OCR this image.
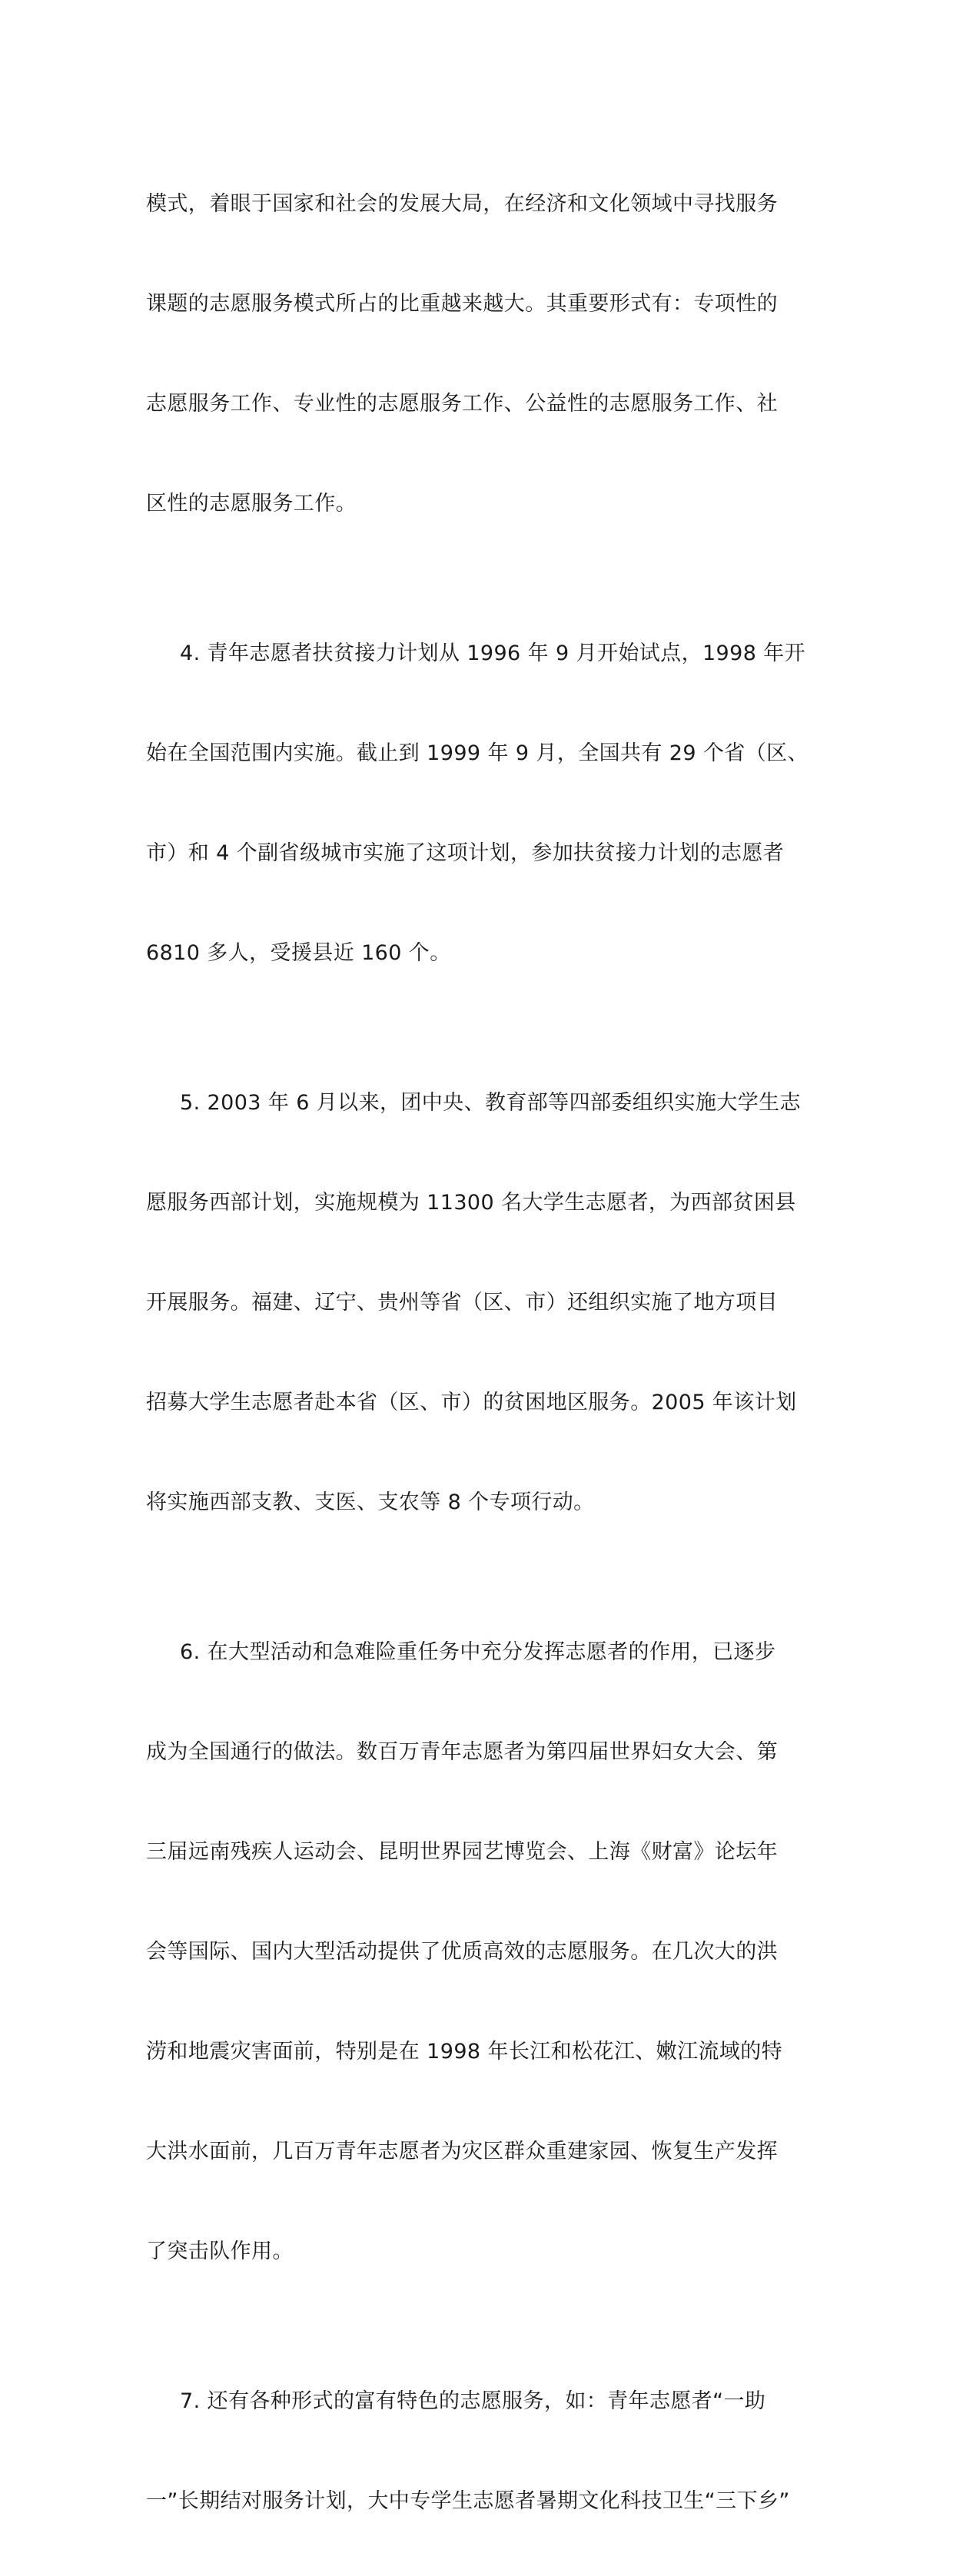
模式，着眼于国家和社会的发展大局，在经济和文化领域中寻找服务

课题的志愿服务模式所占的比重越来越大。其重要形式有：专项性的

志愿服务工作、专业性的志愿服务工作、公益性的志愿服务工作、社

区性的志愿服务工作。

4. 青年志愿者扶贫接力计划从 1996 年 9 月开始试点，1998 年开

始在全国范围内实施。截止到 1999 年 9 月，全国共有 29 个省（区、

市）和 4 个副省级城市实施了这项计划，参加扶贫接力计划的志愿者

6810 多人，受援县近 160 个。

5. 2003 年 6 月以来，团中央、教育部等四部委组织实施大学生志

愿服务西部计划，实施规模为 11300 名大学生志愿者，为西部贫困县

开展服务。福建、辽宁、贵州等省（区、市）还组织实施了地方项目

招募大学生志愿者赴本省（区、市）的贫困地区服务。2005 年该计划

将实施西部支教、支医、支农等 8 个专项行动。

6. 在大型活动和急难险重任务中充分发挥志愿者的作用，已逐步

成为全国通行的做法。数百万青年志愿者为第四届世界妇女大会、第

三届远南残疾人运动会、昆明世界园艺博览会、上海《财富》论坛年

会等国际、国内大型活动提供了优质高效的志愿服务。在几次大的洪

涝和地震灾害面前，特别是在 1998 年长江和松花江、嫩江流域的特

大洪水面前，几百万青年志愿者为灾区群众重建家园、恢复生产发挥

了突击队作用。

7. 还有各种形式的富有特色的志愿服务，如：青年志愿者“一助

一”长期结对服务计划，大中专学生志愿者暑期文化科技卫生“三下乡”
